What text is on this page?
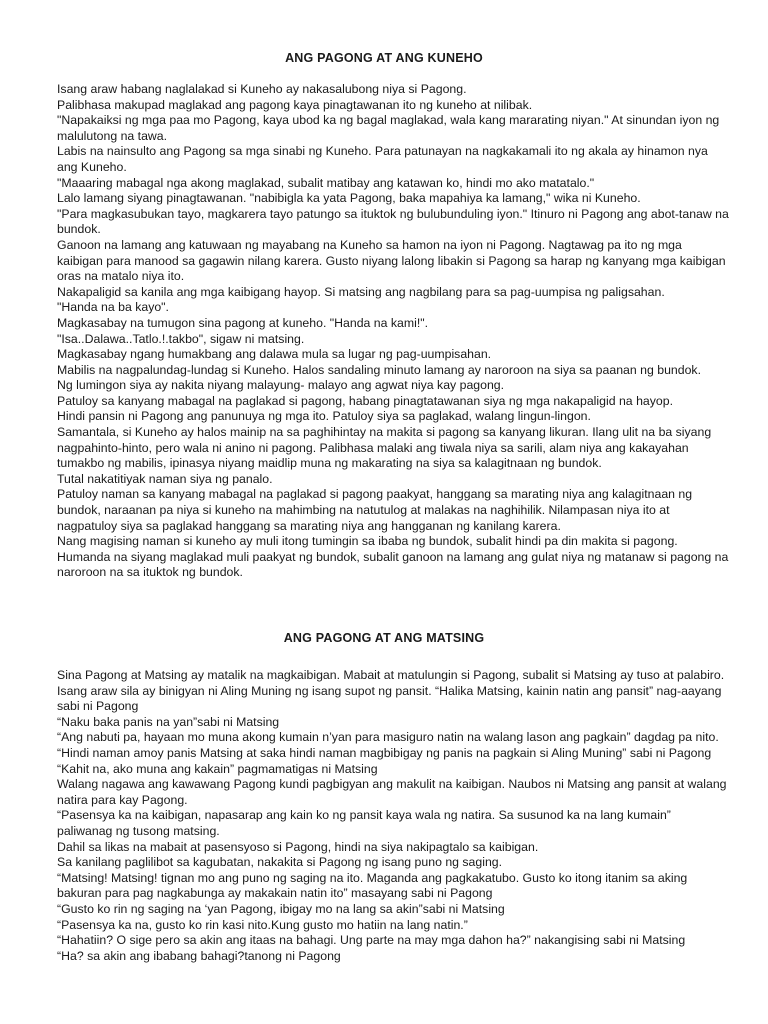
ANG PAGONG AT ANG KUNEHO

Isang araw habang naglalakad si Kuneho ay nakasalubong niya si Pagong.

Palibhasa makupad maglakad ang pagong kaya pinagtawanan ito ng kuneho at nilibak.

"Napakaiksi ng mga paa mo Pagong, kaya ubod ka ng bagal maglakad, wala kang mararating niyan." At sinundan iyon ng malulutong na tawa.

Labis na nainsulto ang Pagong sa mga sinabi ng Kuneho. Para patunayan na nagkakamali ito ng akala ay hinamon nya ang Kuneho.

"Maaaring mabagal nga akong maglakad, subalit matibay ang katawan ko, hindi mo ako matatalo."

Lalo lamang siyang pinagtawanan. "nabibigla ka yata Pagong, baka mapahiya ka lamang," wika ni Kuneho.

"Para magkasubukan tayo, magkarera tayo patungo sa ituktok ng bulubunduling iyon." Itinuro ni Pagong ang abot-tanaw na bundok.

Ganoon na lamang ang katuwaan ng mayabang na Kuneho sa hamon na iyon ni Pagong. Nagtawag pa ito ng mga kaibigan para manood sa gagawin nilang karera. Gusto niyang lalong libakin si Pagong sa harap ng kanyang mga kaibigan oras na matalo niya ito.

Nakapaligid sa kanila ang mga kaibigang hayop. Si matsing ang nagbilang para sa pag-uumpisa ng paligsahan.

"Handa na ba kayo".

Magkasabay na tumugon sina pagong at kuneho. "Handa na kami!".

"Isa..Dalawa..Tatlo.!.takbo", sigaw ni matsing.

Magkasabay ngang humakbang ang dalawa mula sa lugar ng pag-uumpisahan.

Mabilis na nagpalundag-lundag si Kuneho. Halos sandaling minuto lamang ay naroroon na siya sa paanan ng bundok.

Ng lumingon siya ay nakita niyang malayung- malayo ang agwat niya kay pagong.

Patuloy sa kanyang mabagal na paglakad si pagong, habang pinagtatawanan siya ng mga nakapaligid na hayop.

Hindi pansin ni Pagong ang panunuya ng mga ito. Patuloy siya sa paglakad, walang lingun-lingon.

Samantala, si Kuneho ay halos mainip na sa paghihintay na makita si pagong sa kanyang likuran. Ilang ulit na ba siyang nagpahinto-hinto, pero wala ni anino ni pagong. Palibhasa malaki ang tiwala niya sa sarili, alam niya ang kakayahan tumakbo ng mabilis, ipinasya niyang maidlip muna ng makarating na siya sa kalagitnaan ng bundok.

Tutal nakatitiyak naman siya ng panalo.

Patuloy naman sa kanyang mabagal na paglakad si pagong paakyat, hanggang sa marating niya ang kalagitnaan ng bundok, naraanan pa niya si kuneho na mahimbing na natutulog at malakas na naghihilik. Nilampasan niya ito at nagpatuloy siya sa paglakad hanggang sa marating niya ang hangganan ng kanilang karera.

Nang magising naman si kuneho ay muli itong tumingin sa ibaba ng bundok, subalit hindi pa din makita si pagong.

Humanda na siyang maglakad muli paakyat ng bundok, subalit ganoon na lamang ang gulat niya ng matanaw si pagong na naroroon na sa ituktok ng bundok.

ANG PAGONG AT ANG MATSING

Sina Pagong at Matsing ay matalik na magkaibigan. Mabait at matulungin si Pagong, subalit si Matsing ay tuso at palabiro. Isang araw sila ay binigyan ni Aling Muning ng isang supot ng pansit. “Halika Matsing, kainin natin ang pansit” nag-aayang sabi ni Pagong

“Naku baka panis na yan”sabi ni Matsing

“Ang nabuti pa, hayaan mo muna akong kumain n’yan para masiguro natin na walang lason ang pagkain” dagdag pa nito.

“Hindi naman amoy panis Matsing at saka hindi naman magbibigay ng panis na pagkain si Aling Muning” sabi ni Pagong

“Kahit na, ako muna ang kakain” pagmamatigas ni Matsing

Walang nagawa ang kawawang Pagong kundi pagbigyan ang makulit na kaibigan. Naubos ni Matsing ang pansit at walang natira para kay Pagong.

“Pasensya ka na kaibigan, napasarap ang kain ko ng pansit kaya wala ng natira. Sa susunod ka na lang kumain” paliwanag ng tusong matsing.

Dahil sa likas na mabait at pasensyoso si Pagong, hindi na siya nakipagtalo sa kaibigan.

Sa kanilang paglilibot sa kagubatan, nakakita si Pagong ng isang puno ng saging.

“Matsing! Matsing! tignan mo ang puno ng saging na ito. Maganda ang pagkakatubo. Gusto ko itong itanim sa aking bakuran para pag nagkabunga ay makakain natin ito” masayang sabi ni Pagong

“Gusto ko rin ng saging na ‘yan Pagong, ibigay mo na lang sa akin”sabi ni Matsing

“Pasensya ka na, gusto ko rin kasi nito.Kung gusto mo hatiin na lang natin.”

“Hahatiin? O sige pero sa akin ang itaas na bahagi. Ung parte na may mga dahon ha?” nakangising sabi ni Matsing

“Ha? sa akin ang ibabang bahagi?tanong ni Pagong
